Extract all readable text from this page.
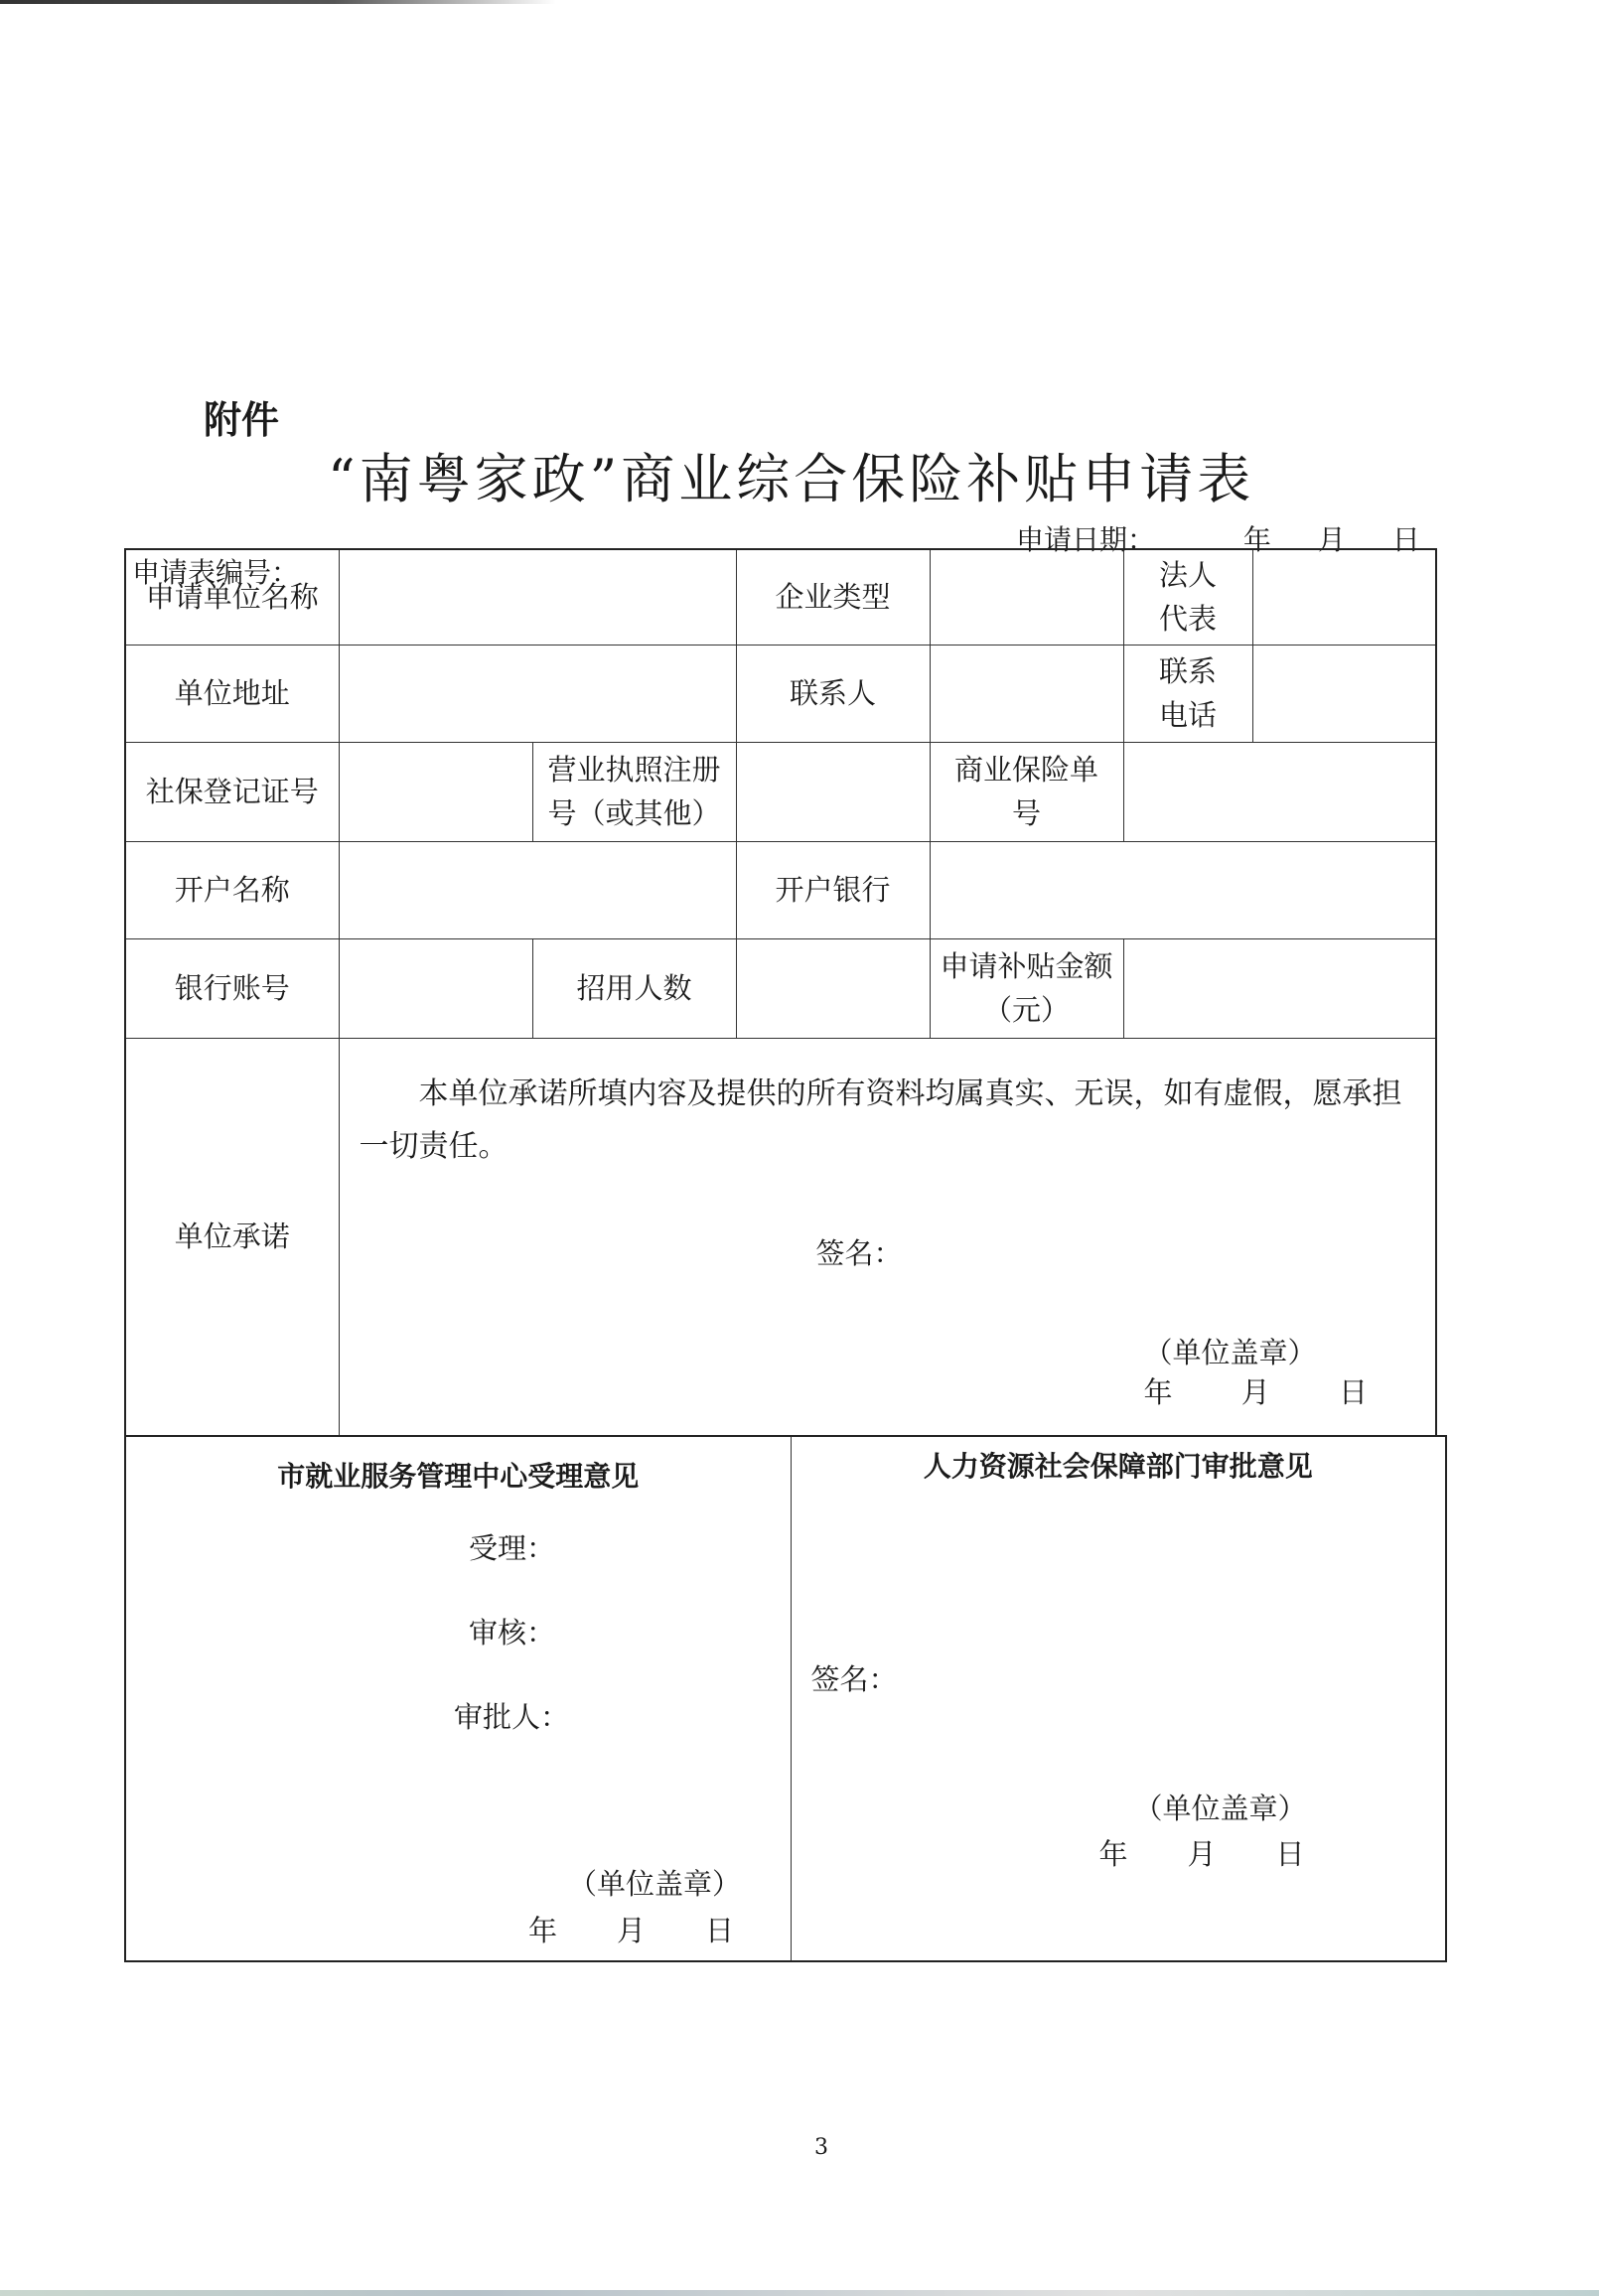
附件
“南粤家政”商业综合保险补贴申请表
申请日期：	年 月 日
申请表编号：
申请单位名称			企业类型		法人代表	

单位地址			联系人		联系电话	

社保登记证号		营业执照注册号（或其他）		商业保险单号		

开户名称			开户银行			
银行账号		招用人数		申请补贴金额（元）		

单位承诺	本单位承诺所填内容及提供的所有资料均属真实、无误，如有虚假，愿承担一切责任。

签名：
（单位盖章）
年 月 日					
市就业服务管理中心受理意见
受理：
审核：
审批人：
（单位盖章）
年 月 日

人力资源社会保障部门审批意见
签名：
（单位盖章）
年 月 日
3
